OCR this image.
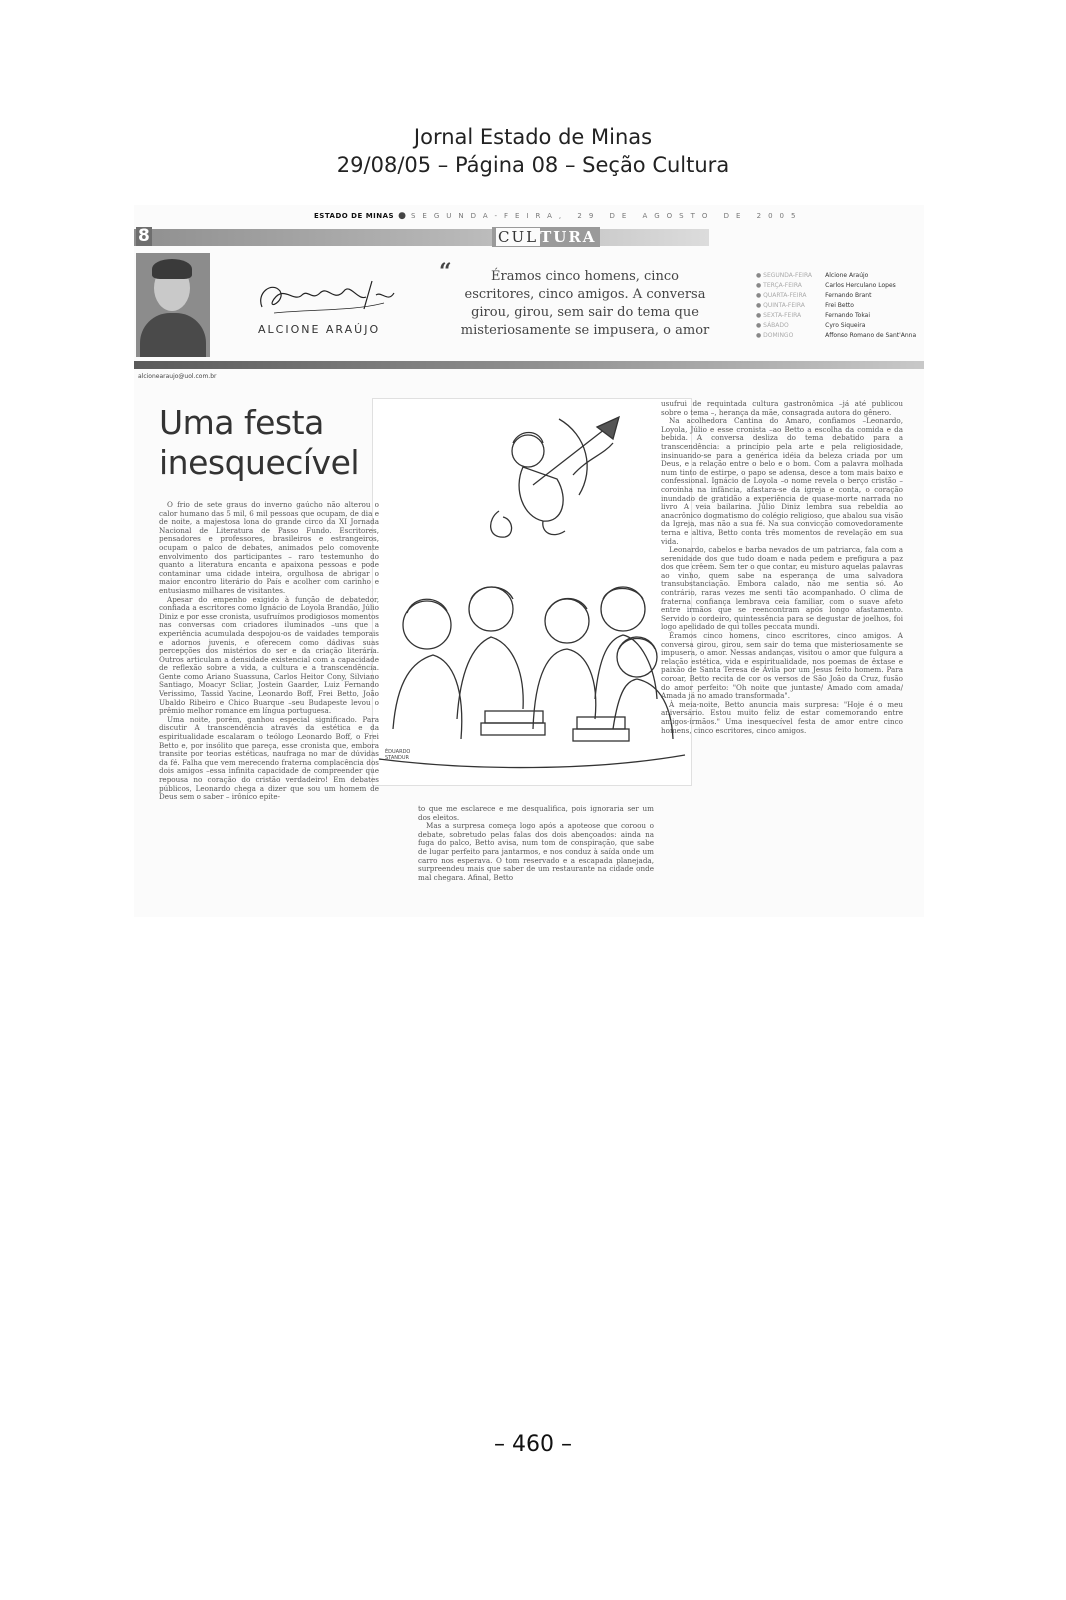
Jornal Estado de Minas
29/08/05 – Página 08 – Seção Cultura
ESTADO DE MINAS ● SEGUNDA-FEIRA, 29 DE AGOSTO DE 2005
8	CUL TURA
alcionearaujo@uol.com.br
ALCIONE ARAÚJO
“	Éramos cinco homens, cinco escritores, cinco amigos. A conversa girou, girou, sem sair do tema que misteriosamente se impusera, o amor
● SEGUNDA-FEIRA Alcione Araújo
● TERÇA-FEIRA	Carlos Herculano Lopes
● QUARTA-FEIRA	Fernando Brant
● QUINTA-FEIRA	Frei Betto
● SEXTA-FEIRA	Fernando Tokai
● SÁBADO	Cyro Siqueira
● DOMINGO	Affonso Romano de Sant'Anna
Uma festa
inesquecível
ÉDUARDO
STANDUR

O frio de sete graus do inverno gaúcho não alterou o calor humano das 5 mil, 6 mil pessoas que ocupam, de dia e de noite, a majestosa lona do grande circo da XI Jornada Nacional de Literatura de Passo Fundo. Escritores, pensadores e professores, brasileiros e estrangeiros, ocupam o palco de debates, animados pelo comovente envolvimento dos participantes – raro testemunho do quanto a literatura encanta e apaixona pessoas e pode contaminar uma cidade inteira, orgulhosa de abrigar o maior encontro literário do País e acolher com carinho e entusiasmo milhares de visitantes.

Apesar do empenho exigido à função de debatedor, confiada a escritores como Ignácio de Loyola Brandão, Júlio Diniz e por esse cronista, usufruímos prodigiosos momentos nas conversas com criadores iluminados –uns que a experiência acumulada despojou-os de vaidades temporais e adornos juvenis, e oferecem como dádivas suas percepções dos mistérios do ser e da criação literária. Outros articulam a densidade existencial com a capacidade de reflexão sobre a vida, a cultura e a transcendência. Gente como Ariano Suassuna, Carlos Heitor Cony, Silviano Santiago, Moacyr Scliar, Jostein Gaarder, Luiz Fernando Verissimo, Tassid Yacine, Leonardo Boff, Frei Betto, João Ubaldo Ribeiro e Chico Buarque –seu Budapeste levou o prêmio melhor romance em língua portuguesa.

Uma noite, porém, ganhou especial significado. Para discutir A transcendência através da estética e da espiritualidade escalaram o teólogo Leonardo Boff, o Frei Betto e, por insólito que pareça, esse cronista que, embora transite por teorias estéticas, naufraga no mar de dúvidas da fé. Falha que vem merecendo fraterna complacência dos dois amigos –essa infinita capacidade de compreender que repousa no coração do cristão verdadeiro! Em debates públicos, Leonardo chega a dizer que sou um homem de Deus sem o saber – irônico epíte-

to que me esclarece e me desqualifica, pois ignoraria ser um dos eleitos.

Mas a surpresa começa logo após a apoteose que coroou o debate, sobretudo pelas falas dos dois abençoados: ainda na fuga do palco, Betto avisa, num tom de conspiração, que sabe de lugar perfeito para jantarmos, e nos conduz à saída onde um carro nos esperava. O tom reservado e a escapada planejada, surpreendeu mais que saber de um restaurante na cidade onde mal chegara. Afinal, Betto

usufrui de requintada cultura gastronômica –já até publicou sobre o tema –, herança da mãe, consagrada autora do gênero.

Na acolhedora Cantina do Amaro, confiamos –Leonardo, Loyola, Júlio e esse cronista –ao Betto a escolha da comida e da bebida. A conversa desliza do tema debatido para a transcendência: a princípio pela arte e pela religiosidade, insinuando-se para a genérica idéia da beleza criada por um Deus, e a relação entre o belo e o bom. Com a palavra molhada num tinto de estirpe, o papo se adensa, desce a tom mais baixo e confessional. Ignácio de Loyola –o nome revela o berço cristão – coroinha na infância, afastara-se da igreja e conta, o coração inundado de gratidão a experiência de quase-morte narrada no livro A veia bailarina. Júlio Diniz lembra sua rebeldia ao anacrônico dogmatismo do colégio religioso, que abalou sua visão da Igreja, mas não a sua fé. Na sua convicção comovedoramente terna e altiva, Betto conta três momentos de revelação em sua vida.

Leonardo, cabelos e barba nevados de um patriarca, fala com a serenidade dos que tudo doam e nada pedem e prefigura a paz dos que crêem. Sem ter o que contar, eu misturo aquelas palavras ao vinho, quem sabe na esperança de uma salvadora transubstanciação. Embora calado, não me sentia só. Ao contrário, raras vezes me senti tão acompanhado. O clima de fraterna confiança lembrava ceia familiar, com o suave afeto entre irmãos que se reencontram após longo afastamento. Servido o cordeiro, quintessência para se degustar de joelhos, foi logo apelidado de qui tolles peccata mundi.

Éramos cinco homens, cinco escritores, cinco amigos. A conversa girou, girou, sem sair do tema que misteriosamente se impusera, o amor. Nessas andanças, visitou o amor que fulgura a relação estética, vida e espiritualidade, nos poemas de êxtase e paixão de Santa Teresa de Ávila por um Jesus feito homem. Para coroar, Betto recita de cor os versos de São João da Cruz, fusão do amor perfeito: "Oh noite que juntaste/ Amado com amada/ Amada já no amado transformada".

À meia-noite, Betto anuncia mais surpresa: "Hoje é o meu aniversário. Estou muito feliz de estar comemorando entre amigos-irmãos." Uma inesquecível festa de amor entre cinco homens, cinco escritores, cinco amigos.

– 460 –
